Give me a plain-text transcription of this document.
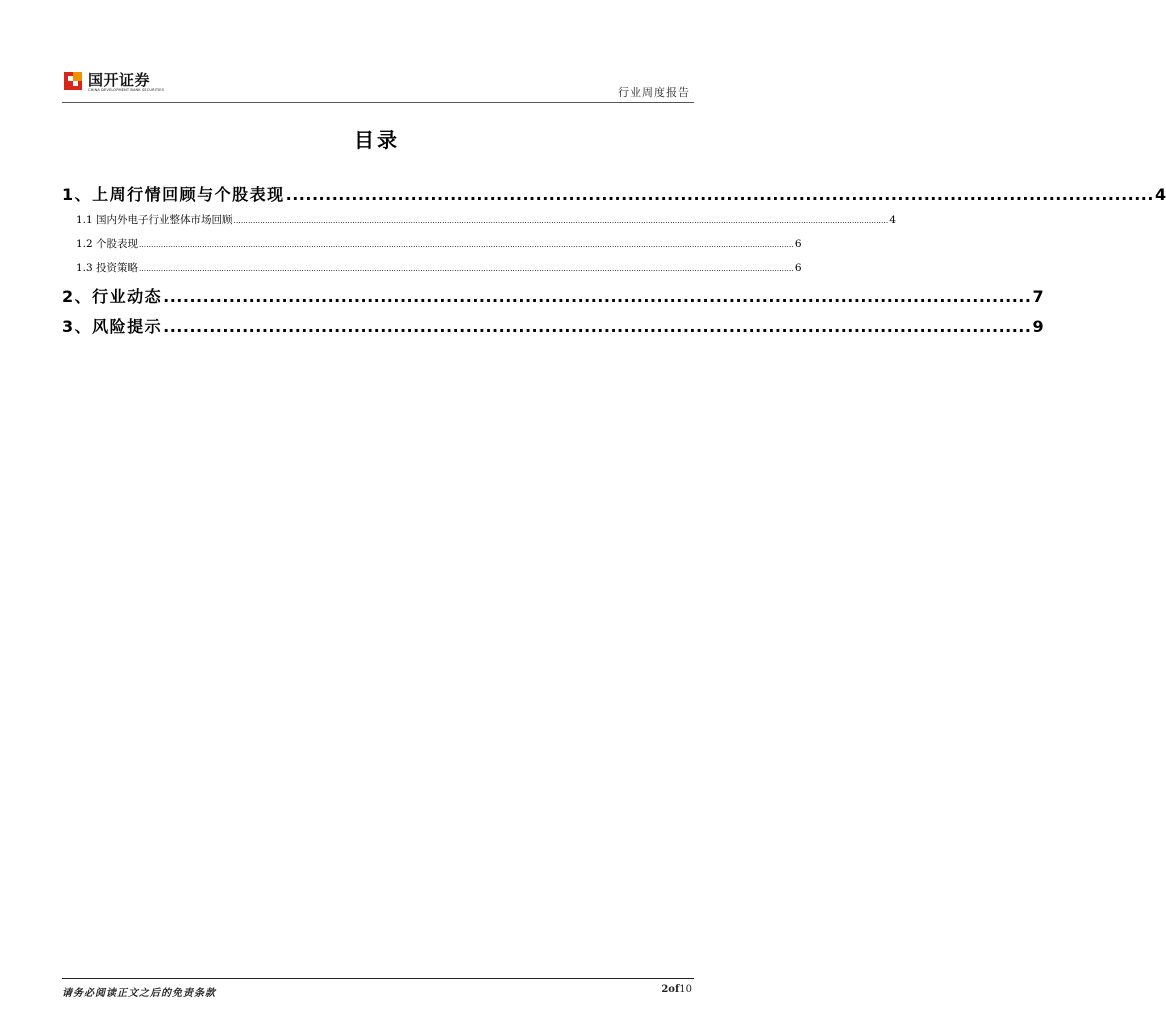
国开证券
CHINA DEVELOPMENT BANK SECURITIES	行业周度报告
目录
1、上周行情回顾与个股表现 .................................................................................................................................... 4
1.1 国内外电子行业整体市场回顾 .............................................................................................................................................................................................................................................................................. 4
1.2 个股表现 .............................................................................................................................................................................................................................................................................. 6
1.3 投资策略 .............................................................................................................................................................................................................................................................................. 6
2、行业动态 .................................................................................................................................... 7
3、风险提示 .................................................................................................................................... 9
请务必阅读正文之后的免责条款	2of10
